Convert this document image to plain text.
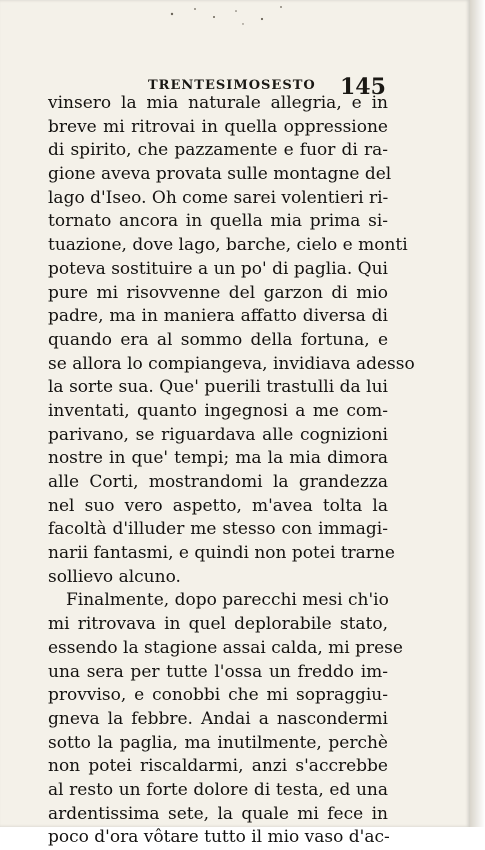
TRENTESIMOSESTO 145
vinsero la mia naturale allegria, e in
breve mi ritrovai in quella oppressione
di spirito, che pazzamente e fuor di ra-
gione aveva provata sulle montagne del
lago d'Iseo. Oh come sarei volentieri ri-
tornato ancora in quella mia prima si-
tuazione, dove lago, barche, cielo e monti
poteva sostituire a un po' di paglia. Qui
pure mi risovvenne del garzon di mio
padre, ma in maniera affatto diversa di
quando era al sommo della fortuna, e
se allora lo compiangeva, invidiava adesso
la sorte sua. Que' puerili trastulli da lui
inventati, quanto ingegnosi a me com-
parivano, se riguardava alle cognizioni
nostre in que' tempi; ma la mia dimora
alle Corti, mostrandomi la grandezza
nel suo vero aspetto, m'avea tolta la
facoltà d'illuder me stesso con immagi-
narii fantasmi, e quindi non potei trarne
sollievo alcuno.
Finalmente, dopo parecchi mesi ch'io
mi ritrovava in quel deplorabile stato,
essendo la stagione assai calda, mi prese
una sera per tutte l'ossa un freddo im-
provviso, e conobbi che mi sopraggiu-
gneva la febbre. Andai a nascondermi
sotto la paglia, ma inutilmente, perchè
non potei riscaldarmi, anzi s'accrebbe
al resto un forte dolore di testa, ed una
ardentissima sete, la quale mi fece in
poco d'ora vôtare tutto il mio vaso d'ac-
